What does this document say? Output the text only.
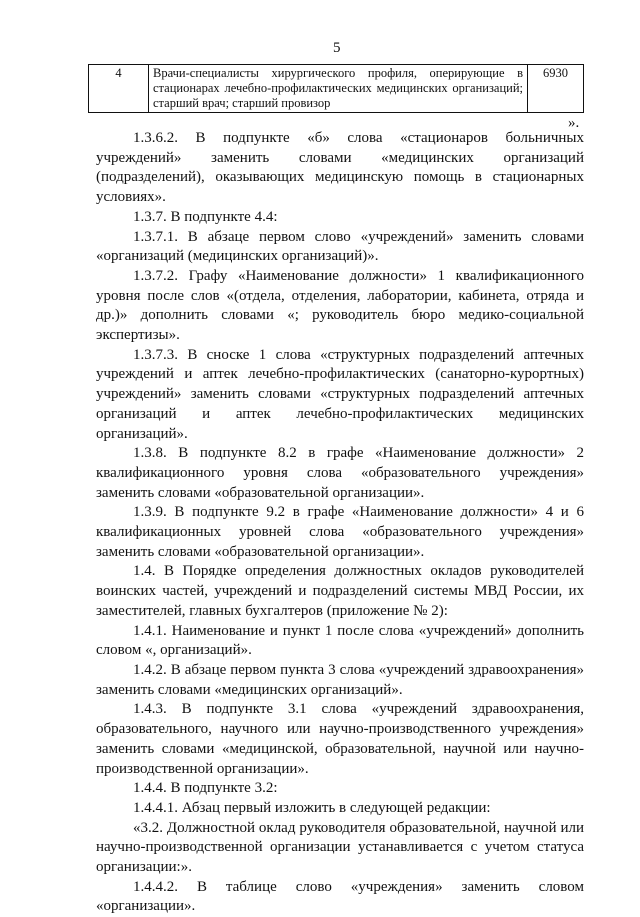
5
4	Врачи-специалисты хирургического профиля, оперирующие в стационарах лечебно-профилактических медицинских организаций; старший врач; старший провизор	6930
».

1.3.6.2. В подпункте «б» слова «стационаров больничных учреждений» заменить словами «медицинских организаций (подразделений), оказывающих медицинскую помощь в стационарных условиях».

1.3.7. В подпункте 4.4:

1.3.7.1. В абзаце первом слово «учреждений» заменить словами «организаций (медицинских организаций)».

1.3.7.2. Графу «Наименование должности» 1 квалификационного уровня после слов «(отдела, отделения, лаборатории, кабинета, отряда и др.)» дополнить словами «; руководитель бюро медико-социальной экспертизы».

1.3.7.3. В сноске 1 слова «структурных подразделений аптечных учреждений и аптек лечебно-профилактических (санаторно-курортных) учреждений» заменить словами «структурных подразделений аптечных организаций и аптек лечебно-профилактических медицинских организаций».

1.3.8. В подпункте 8.2 в графе «Наименование должности» 2 квалификационного уровня слова «образовательного учреждения» заменить словами «образовательной организации».

1.3.9. В подпункте 9.2 в графе «Наименование должности» 4 и 6 квалификационных уровней слова «образовательного учреждения» заменить словами «образовательной организации».

1.4. В Порядке определения должностных окладов руководителей воинских частей, учреждений и подразделений системы МВД России, их заместителей, главных бухгалтеров (приложение № 2):

1.4.1. Наименование и пункт 1 после слова «учреждений» дополнить словом «, организаций».

1.4.2. В абзаце первом пункта 3 слова «учреждений здравоохранения» заменить словами «медицинских организаций».

1.4.3. В подпункте 3.1 слова «учреждений здравоохранения, образовательного, научного или научно-производственного учреждения» заменить словами «медицинской, образовательной, научной или научно-производственной организации».

1.4.4. В подпункте 3.2:

1.4.4.1. Абзац первый изложить в следующей редакции:

«3.2. Должностной оклад руководителя образовательной, научной или научно-производственной организации устанавливается с учетом статуса организации:».

1.4.4.2. В таблице слово «учреждения» заменить словом «организации».
